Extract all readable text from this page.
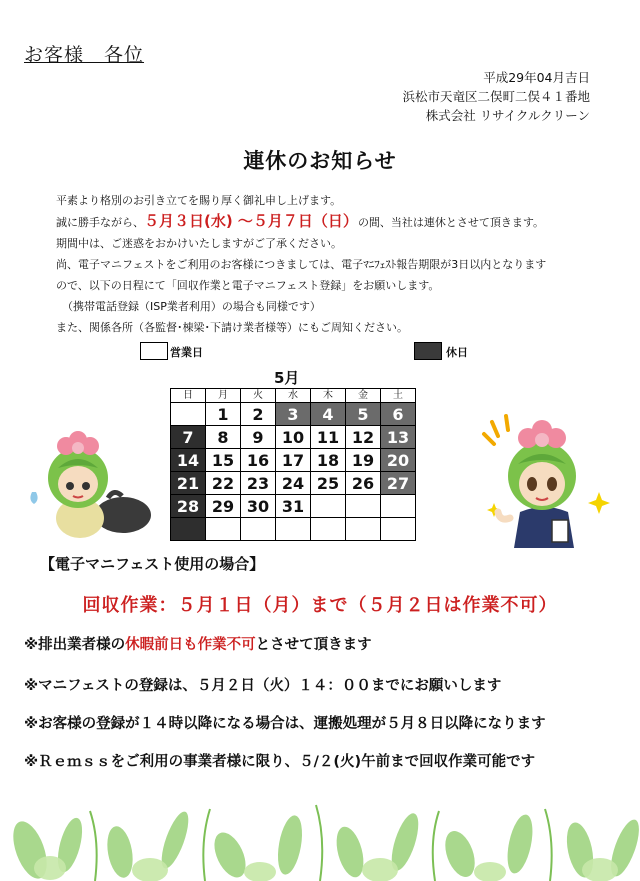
お客様　各位
平成29年04月吉日
浜松市天竜区二俣町二俣４１番地
株式会社 リサイクルクリーン
連休のお知らせ
平素より格別のお引き立てを賜り厚く御礼申し上げます。
誠に勝手ながら、５月３日(水) ～５月７日（日）の間、当社は連休とさせて頂きます。
期間中は、ご迷惑をおかけいたしますがご了承ください。
尚、電子マニフェストをご利用のお客様につきましては、電子ﾏﾆﾌｪｽﾄ報告期限が3日以内となります
ので、以下の日程にて「回収作業と電子マニフェスト登録」をお願いします。
（携帯電話登録（ISP業者利用）の場合も同様です）
また、関係各所（各監督･棟梁･下請け業者様等）にもご周知ください。
営業日	休日
5月
日	月	火	水	木	金	土
	1	2	3	4	5	6
7	8	9	10	11	12	13
14	15	16	17	18	19	20
21	22	23	24	25	26	27
28	29	30	31			

【電子マニフェスト使用の場合】
回収作業：５月１日（月）まで（５月２日は作業不可）
※排出業者様の休暇前日も作業不可とさせて頂きます
※マニフェストの登録は、５月２日（火）１４：００までにお願いします
※お客様の登録が１４時以降になる場合は、運搬処理が５月８日以降になります
※Ｒｅｍｓｓをご利用の事業者様に限り、５/２(火)午前まで回収作業可能です
